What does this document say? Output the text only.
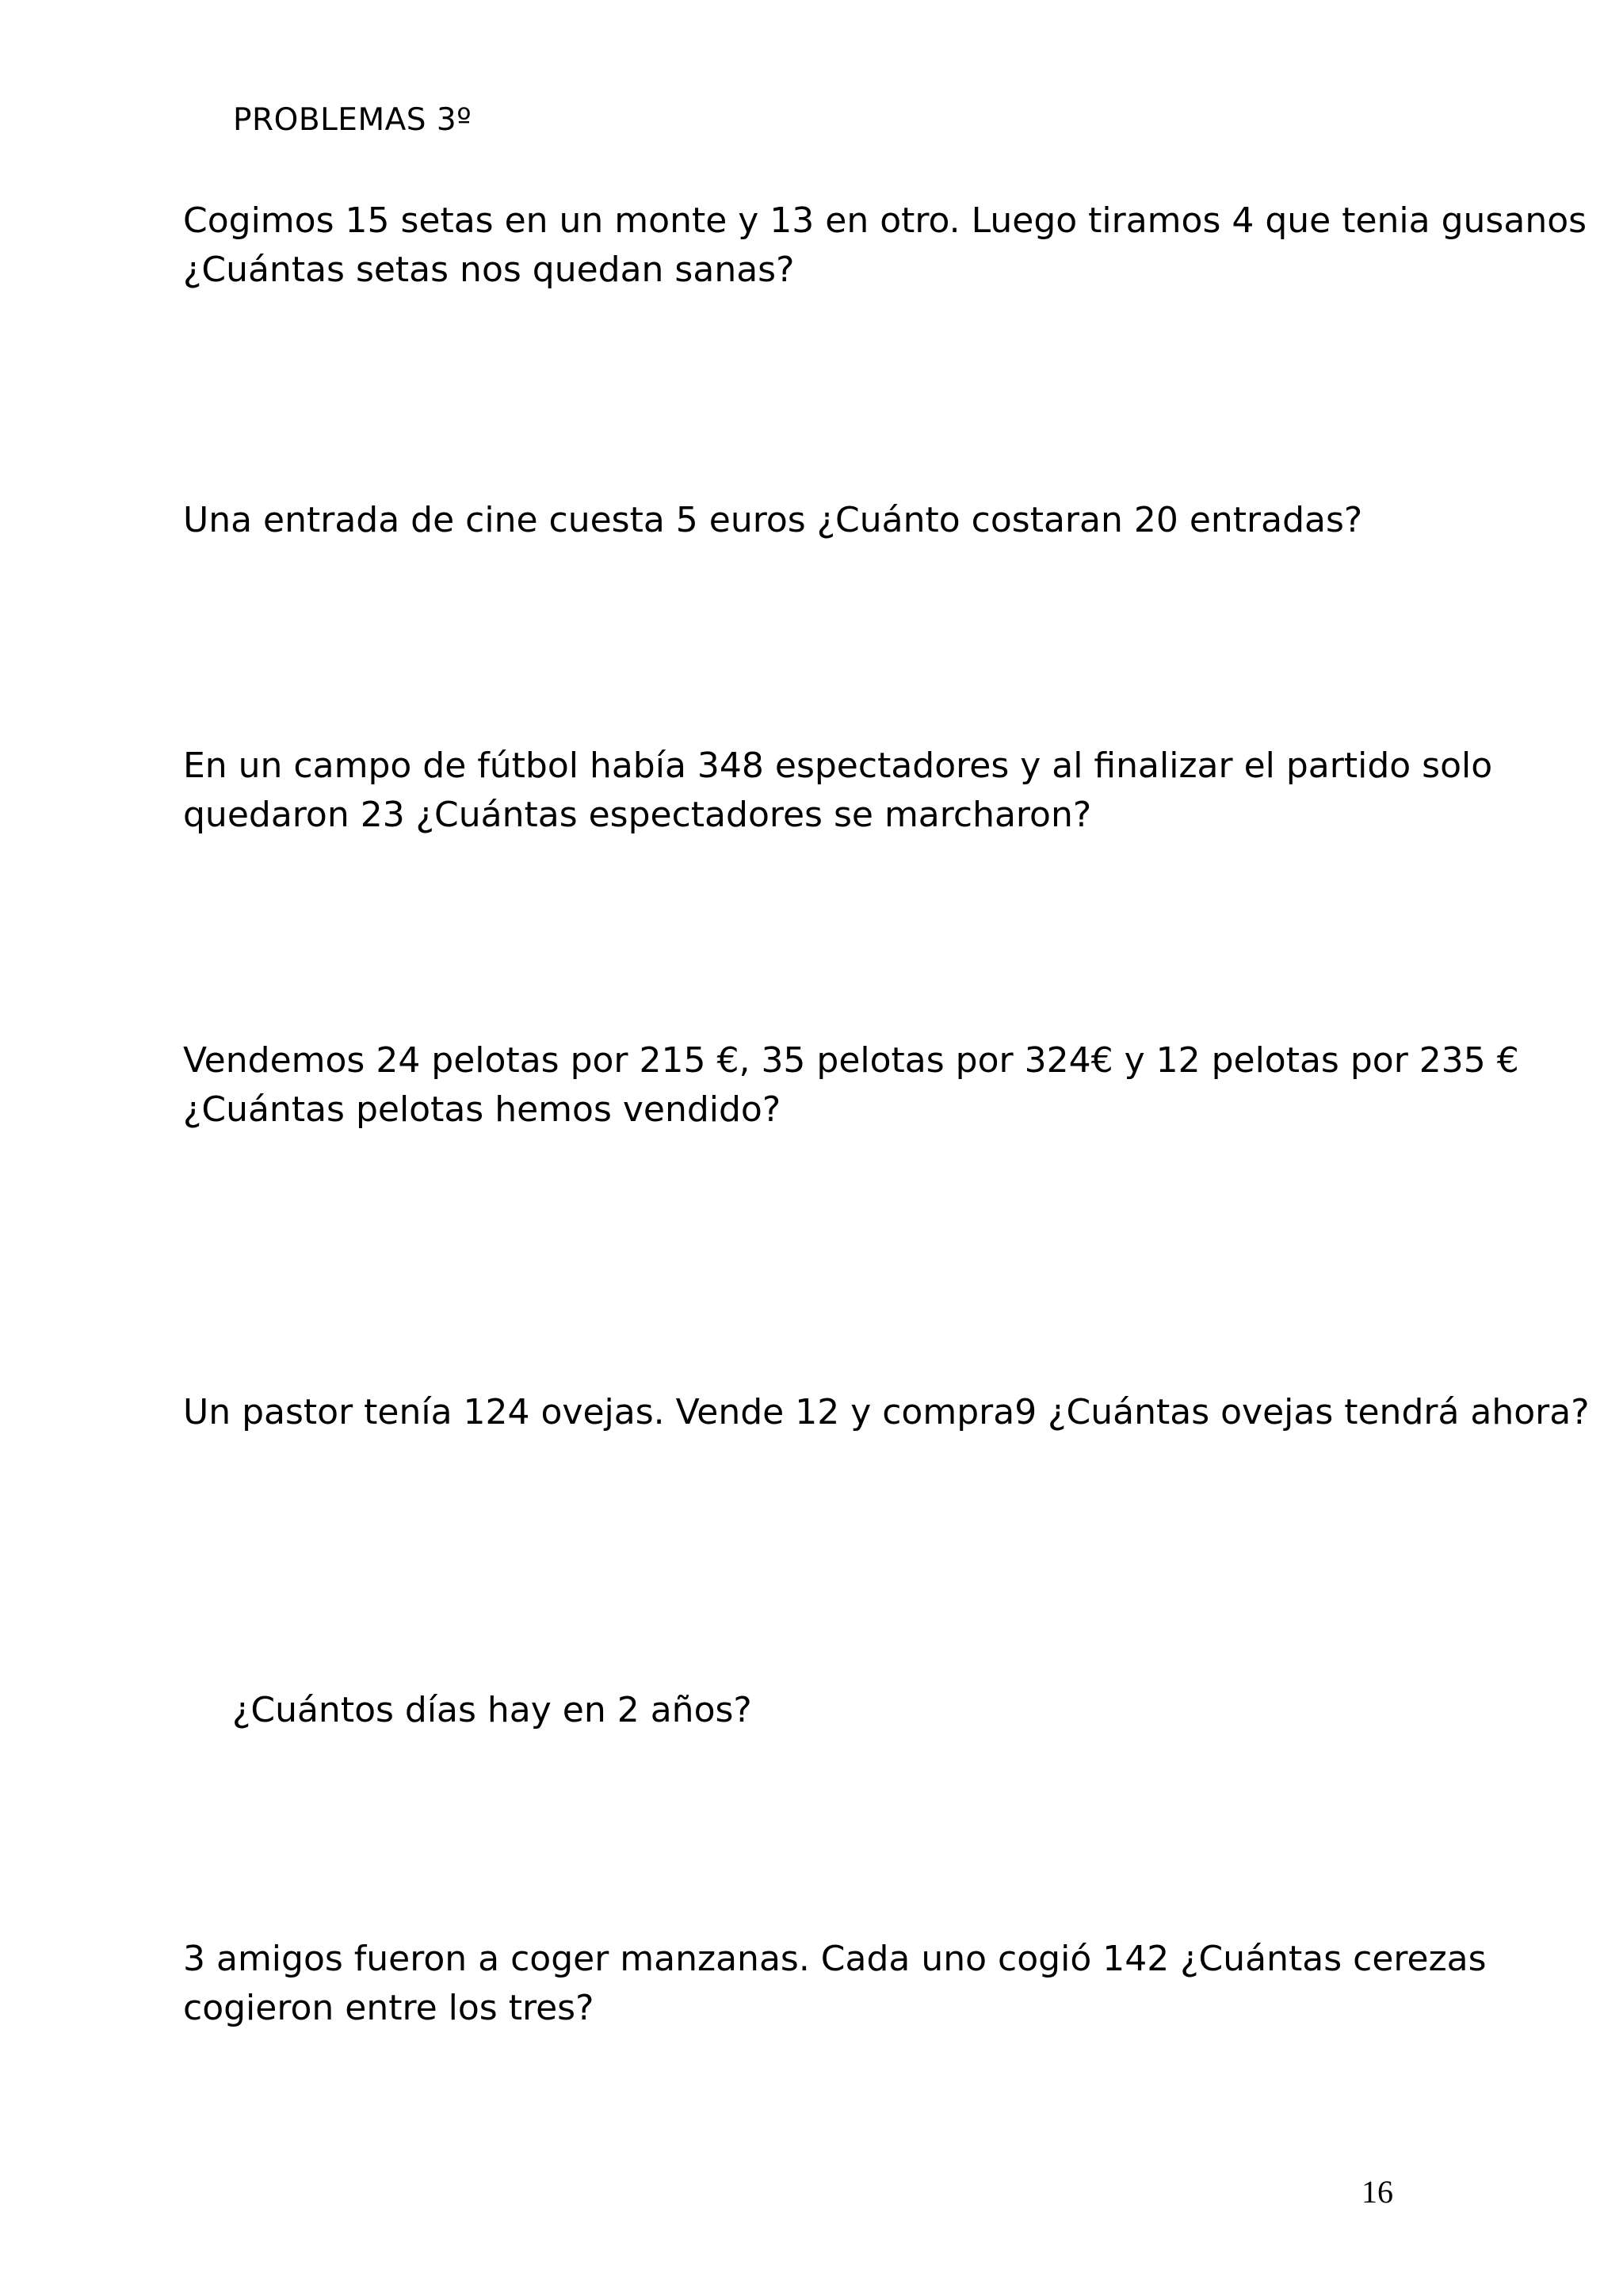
PROBLEMAS 3º
Cogimos 15 setas en un monte y 13 en otro. Luego tiramos 4 que tenia gusanos
¿Cuántas setas nos quedan sanas?
Una entrada de cine cuesta 5 euros ¿Cuánto costaran 20 entradas?
En un campo de fútbol había 348 espectadores y al finalizar el partido solo
quedaron 23 ¿Cuántas espectadores se marcharon?
Vendemos 24 pelotas por 215 €, 35 pelotas por 324€ y 12 pelotas por 235 €
¿Cuántas pelotas hemos vendido?
Un pastor tenía 124 ovejas. Vende 12 y compra9 ¿Cuántas ovejas tendrá ahora?
¿Cuántos días hay en 2 años?
3 amigos fueron a coger manzanas. Cada uno cogió 142 ¿Cuántas cerezas
cogieron entre los tres?
16
